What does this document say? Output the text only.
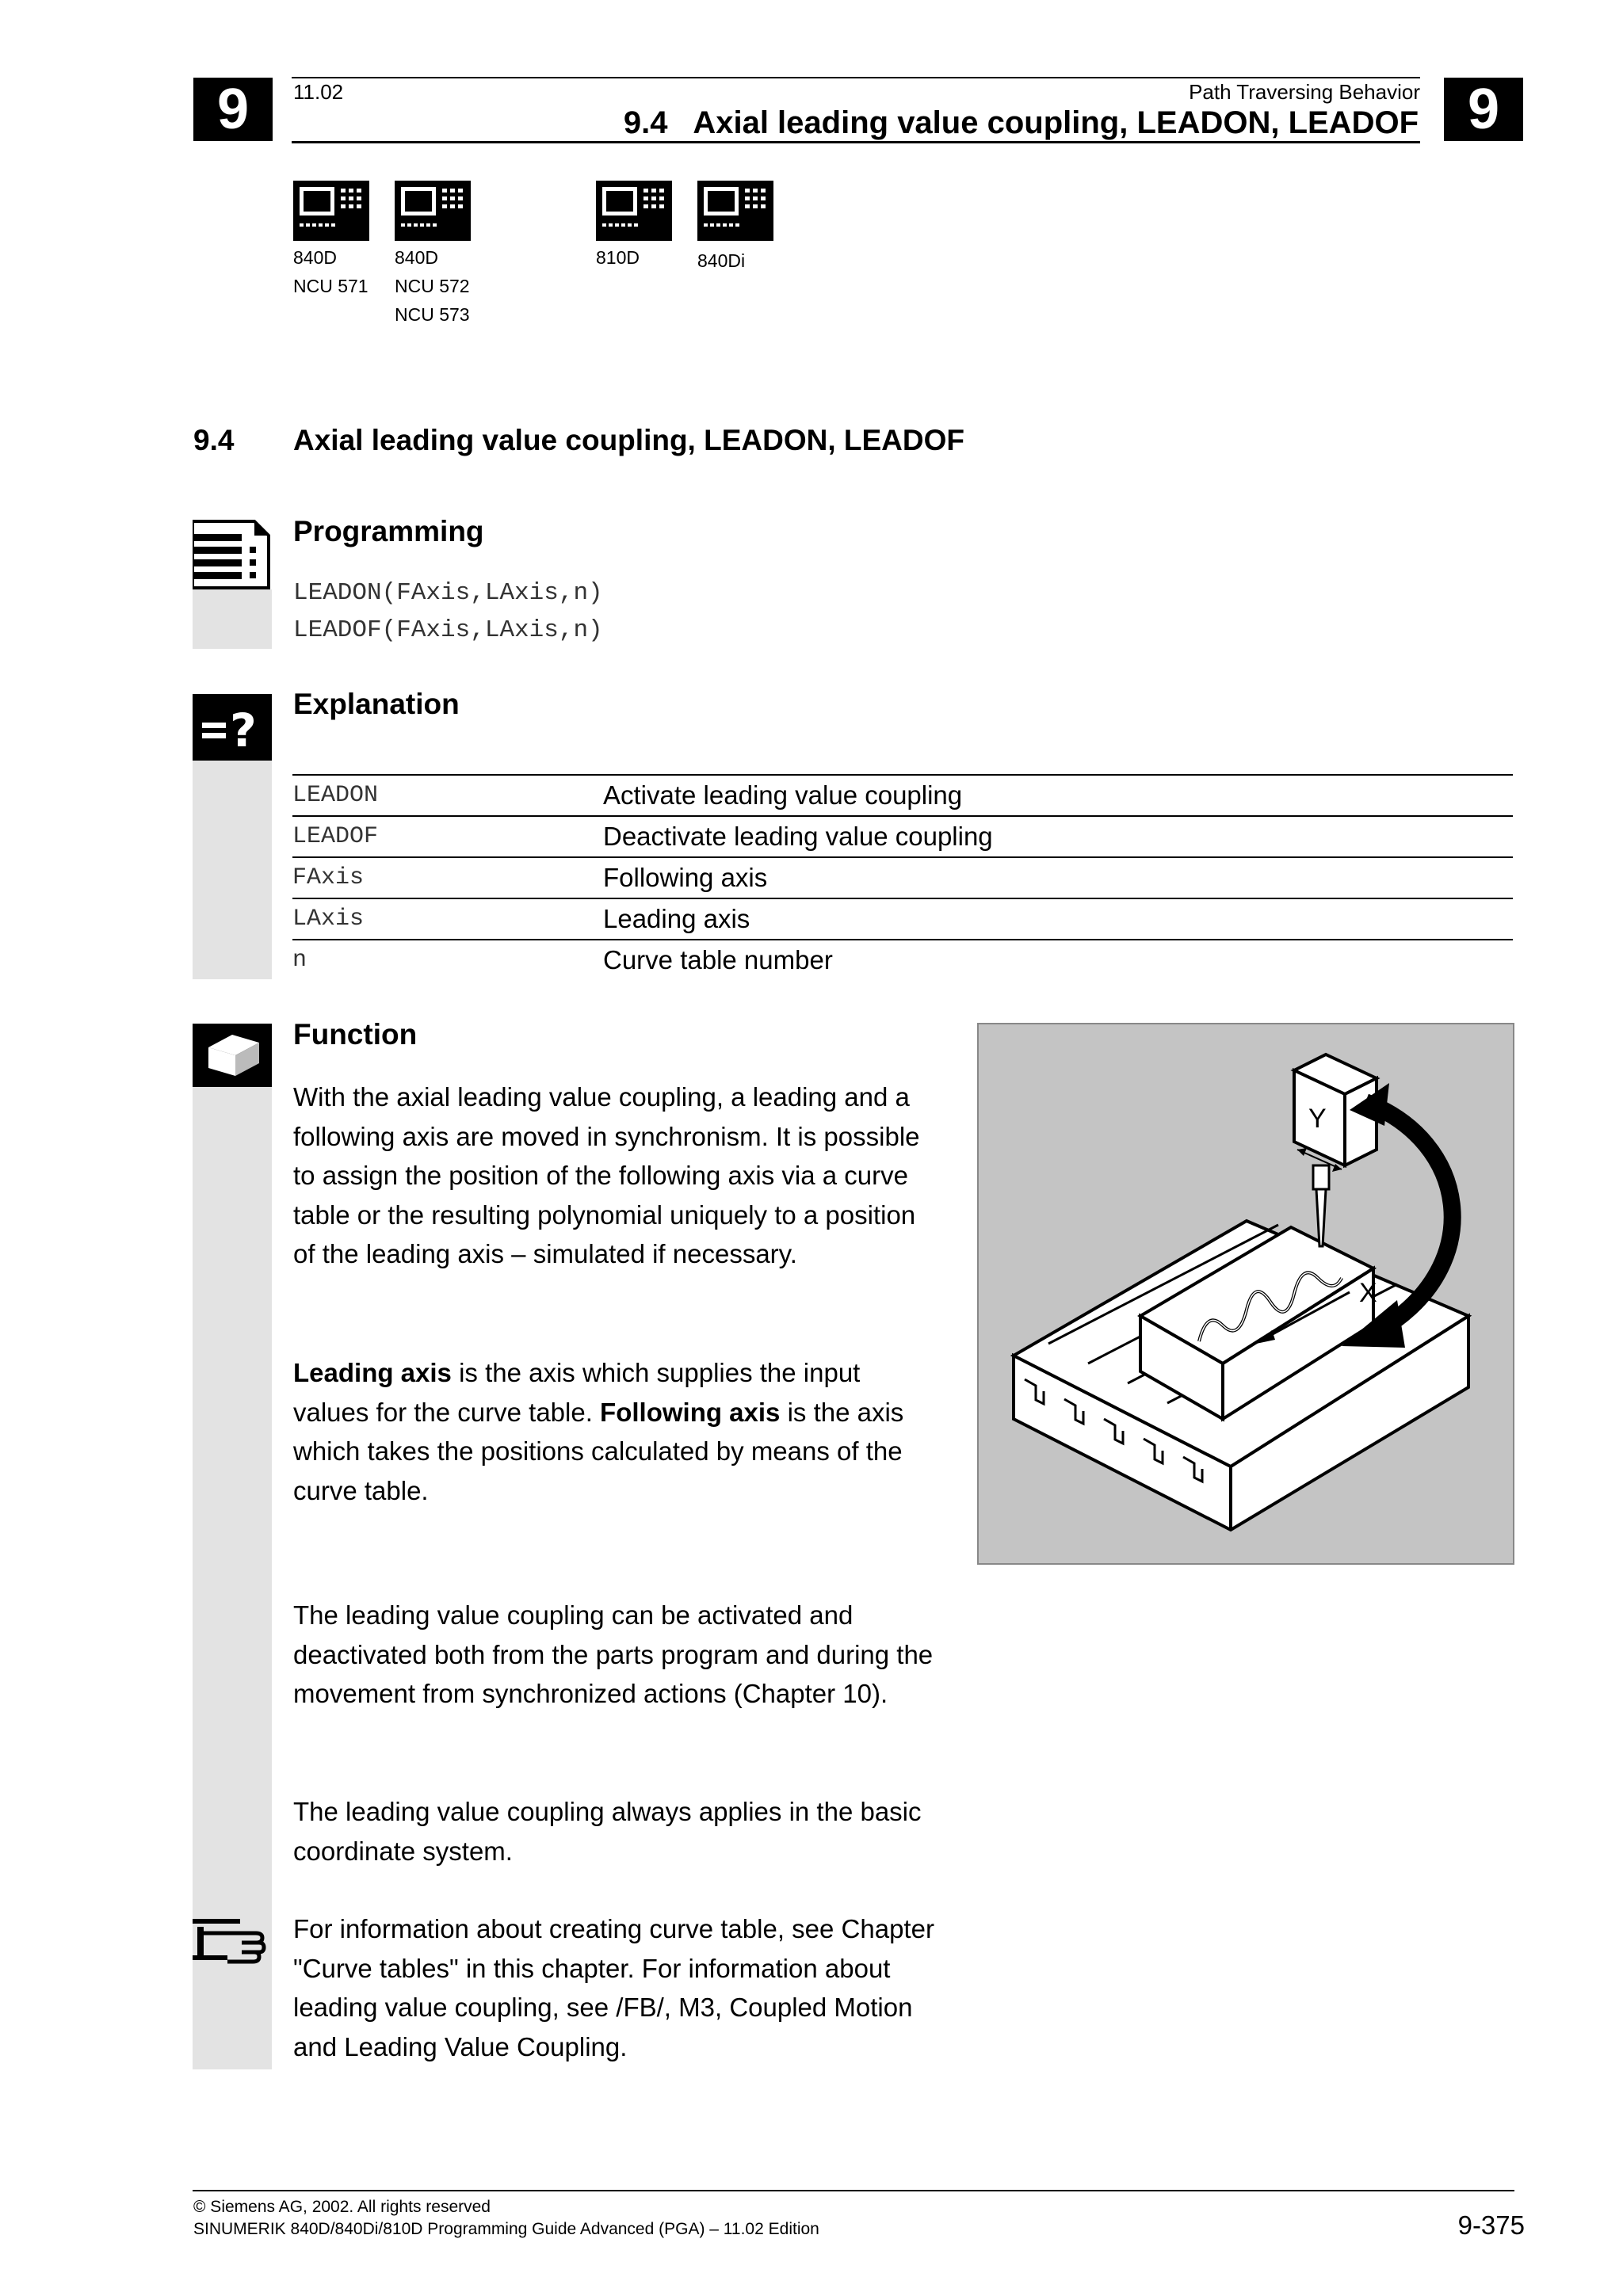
9	9
11.02	Path Traversing Behavior
9.4   Axial leading value coupling, LEADON, LEADOF
840D
NCU 571
840D
NCU 572
NCU 573
810D	840Di
9.4 Axial leading value coupling, LEADON, LEADOF
?
Programming
LEADON(FAxis,LAxis,n)
LEADOF(FAxis,LAxis,n)
Explanation
LEADON	Activate leading value coupling
LEADOF	Deactivate leading value coupling
FAxis	Following axis
LAxis	Leading axis
n	Curve table number
Function
With the axial leading value coupling, a leading and a following axis are moved in synchronism. It is possible to assign the position of the following axis via a curve table or the resulting polynomial uniquely to a position of the leading axis – simulated if necessary.
Leading axis is the axis which supplies the input values for the curve table. Following axis is the axis which takes the positions calculated by means of the curve table.
The leading value coupling can be activated and deactivated both from the parts program and during the movement from synchronized actions (Chapter 10).
The leading value coupling always applies in the basic coordinate system.
For information about creating curve table, see Chapter "Curve tables" in this chapter. For information about leading value coupling, see /FB/, M3, Coupled Motion and Leading Value Coupling.
X
Y
© Siemens AG, 2002. All rights reserved
SINUMERIK 840D/840Di/810D Programming Guide Advanced (PGA) – 11.02 Edition	9-375
